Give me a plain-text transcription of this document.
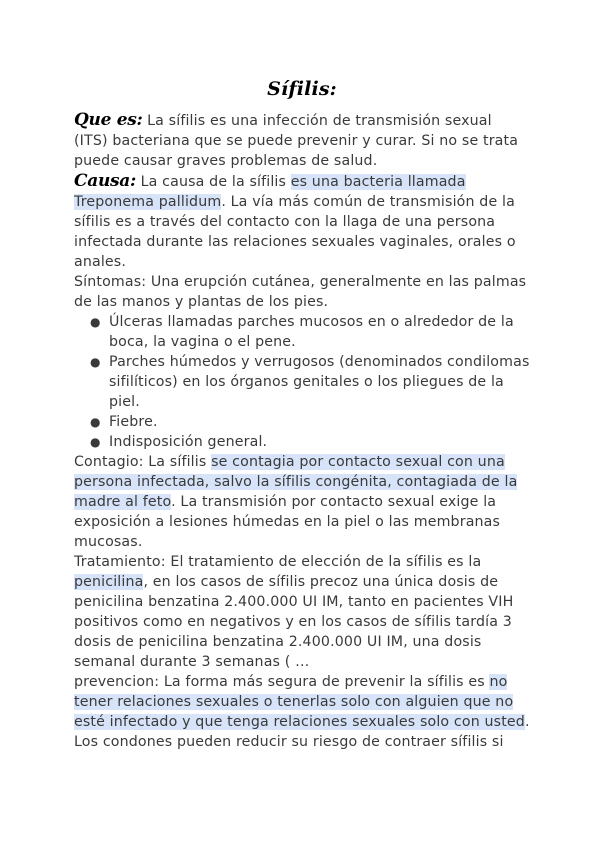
Sífilis:

Que es: La sífilis es una infección de transmisión sexual (ITS) bacteriana que se puede prevenir y curar. Si no se trata puede causar graves problemas de salud.

Causa: La causa de la sífilis es una bacteria llamada Treponema pallidum. La vía más común de transmisión de la sífilis es a través del contacto con la llaga de una persona infectada durante las relaciones sexuales vaginales, orales o anales.

Síntomas: Una erupción cutánea, generalmente en las palmas de las manos y plantas de los pies.

● Úlceras llamadas parches mucosos en o alrededor de la boca, la vagina o el pene.
● Parches húmedos y verrugosos (denominados condilomas sifilíticos) en los órganos genitales o los pliegues de la piel.
● Fiebre.
● Indisposición general.

Contagio: La sífilis se contagia por contacto sexual con una persona infectada, salvo la sífilis congénita, contagiada de la madre al feto. La transmisión por contacto sexual exige la exposición a lesiones húmedas en la piel o las membranas mucosas.

Tratamiento: El tratamiento de elección de la sífilis es la penicilina, en los casos de sífilis precoz una única dosis de penicilina benzatina 2.400.000 UI IM, tanto en pacientes VIH positivos como en negativos y en los casos de sífilis tardía 3 dosis de penicilina benzatina 2.400.000 UI IM, una dosis semanal durante 3 semanas ( …

prevencion: La forma más segura de prevenir la sífilis es no tener relaciones sexuales o tenerlas solo con alguien que no esté infectado y que tenga relaciones sexuales solo con usted. Los condones pueden reducir su riesgo de contraer sífilis si
